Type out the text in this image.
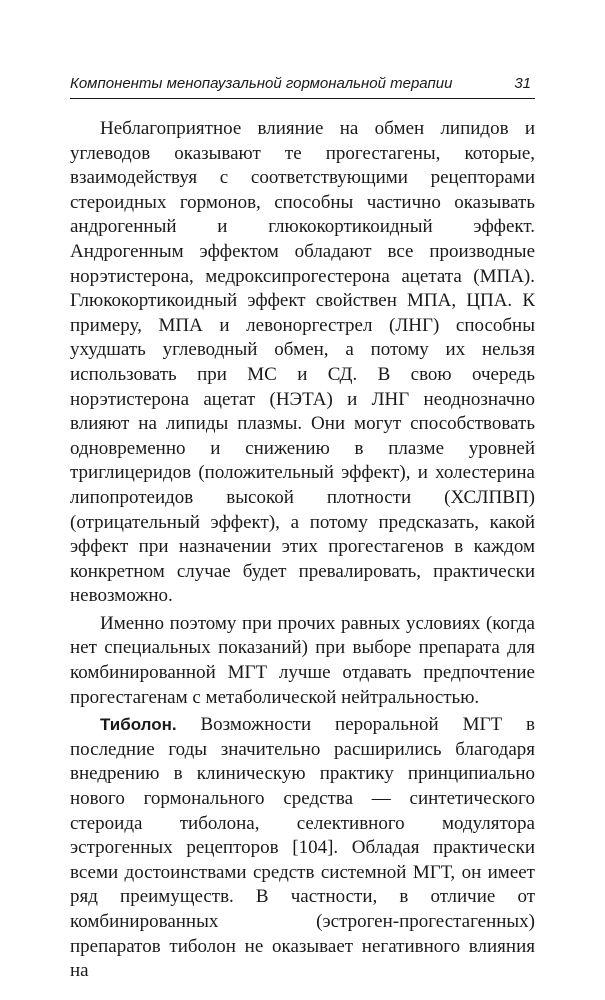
Компоненты менопаузальной гормональной терапии	31

Неблагоприятное влияние на обмен липидов и углеводов оказывают те прогестагены, которые, взаимодействуя с соответствующими рецепторами стероидных гормонов, способны частично оказывать андрогенный и глюкокортикоидный эффект. Андрогенным эффектом обладают все производные норэтистерона, медроксипрогестерона ацетата (МПА). Глюкокортикоидный эффект свойствен МПА, ЦПА. К примеру, МПА и левоноргестрел (ЛНГ) способны ухудшать углеводный обмен, а потому их нельзя использовать при МС и СД. В свою очередь норэтистерона ацетат (НЭТА) и ЛНГ неоднозначно влияют на липиды плазмы. Они могут способствовать одновременно и снижению в плазме уровней триглицеридов (положительный эффект), и холестерина липопротеидов высокой плотности (ХСЛПВП) (отрицательный эффект), а потому предсказать, какой эффект при назначении этих прогестагенов в каждом конкретном случае будет превалировать, практически невозможно.

Именно поэтому при прочих равных условиях (когда нет специальных показаний) при выборе препарата для комбинированной МГТ лучше отдавать предпочтение прогестагенам с метаболической нейтральностью.

Тиболон. Возможности пероральной МГТ в последние годы значительно расширились благодаря внедрению в клиническую практику принципиально нового гормонального средства — синтетического стероида тиболона, селективного модулятора эстрогенных рецепторов [104]. Обладая практически всеми достоинствами средств системной МГТ, он имеет ряд преимуществ. В частности, в отличие от комбинированных (эстроген-прогестагенных) препаратов тиболон не оказывает негативного влияния на
